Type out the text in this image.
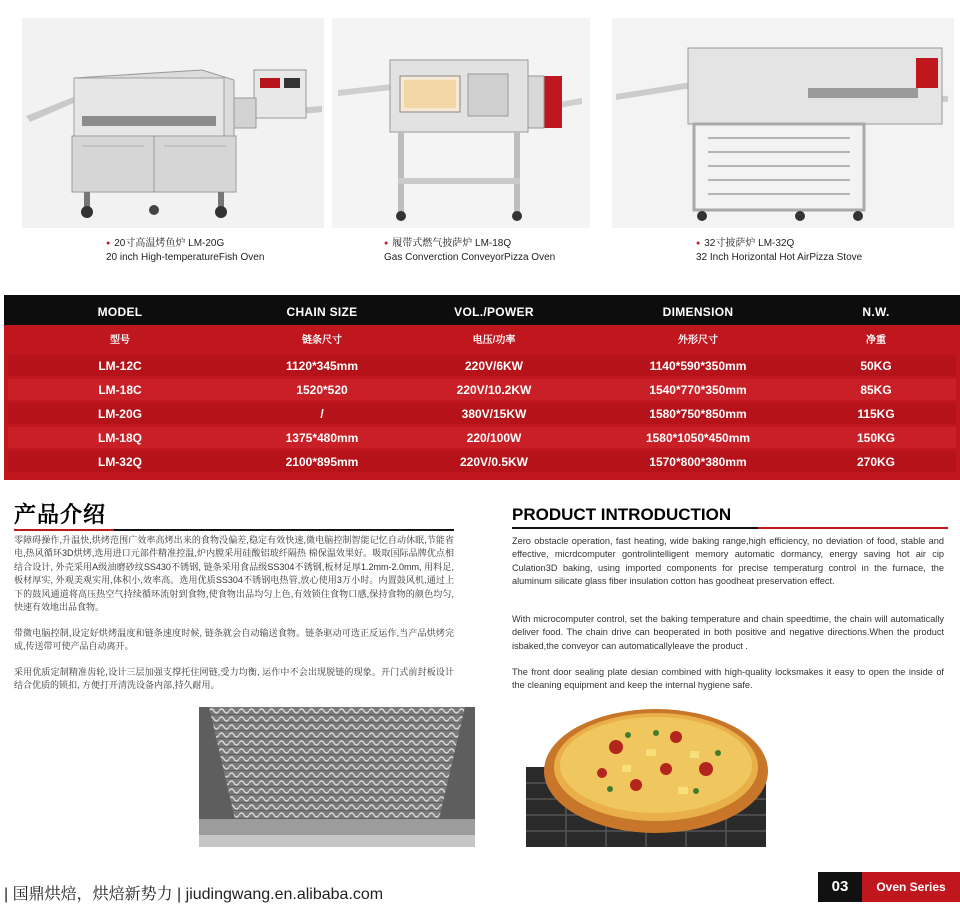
● 20寸高温烤鱼炉 LM-20G
20 inch High-temperatureFish Oven
● 履带式燃气披萨炉 LM-18Q
Gas Converction ConveyorPizza Oven
● 32寸披萨炉 LM-32Q
32 Inch Horizontal Hot AirPizza Stove
MODEL	CHAIN SIZE	VOL./POWER	DIMENSION	N.W.
型号	链条尺寸	电压/功率	外形尺寸	净重
LM-12C	1120*345mm	220V/6KW	1140*590*350mm	50KG
LM-18C	1520*520	220V/10.2KW	1540*770*350mm	85KG
LM-20G	/	380V/15KW	1580*750*850mm	115KG
LM-18Q	1375*480mm	220/100W	1580*1050*450mm	150KG
LM-32Q	2100*895mm	220V/0.5KW	1570*800*380mm	270KG
产品介绍
零障碍操作,升温快,烘烤范围广效率高烤出来的食物没偏差,稳定有效快速,微电脑控制智能记忆自动休眠,节能省电,热风循环3D烘烤,选用进口元部件精准控温,炉内膛采用硅酸铝玻纤隔热 棉保温效果好。吸取国际品牌优点相结合设计, 外壳采用A级油磨砂纹SS430不锈钢, 链条采用食品级SS304不锈钢,板材足厚1.2mm-2.0mm, 用料足, 板材厚实, 外观美观实用,体积小,效率高。选用优质SS304不锈钢电热管,放心使用3万小时。内置鼓风机,通过上下的鼓风通道将高压热空气持续循环流射到食物,使食物出品均匀上色,有效锁住食物口感,保持食物的颜色均匀,快速有效地出品食物。
带微电脑控制,设定好烘烤温度和链条速度时候, 链条就会自动输送食物。链条驱动可选正反运作,当产品烘烤完成,传送带可使产品自动离开。
采用优质定制精准齿轮,设计三层加强支撑托住网链,受力均衡, 运作中不会出现脱链的现象。开门式前封板设计结合优质的锁扣, 方便打开清洗设备内部,持久耐用。
PRODUCT INTRODUCTION
Zero obstacle operation, fast heating, wide baking range,high efficiency, no deviation of food, stable and effective, micrdcomputer gontrolintelligent memory automatic dormancy, energy saving hot air cip Culation3D baking, using imported components for precise temperaturg control in the furnace, the aluminum silicate glass fiber insulation cotton has goodheat preservation effect.
With microcomputer control, set the baking temperature and chain speedtime, the chain will automatically deliver food. The chain drive can beoperated in both positive and negative directions.When the product isbaked,the conveyor can automaticallyleave the product .
The front door sealing plate desian combined with high-quality locksmakes it easy to open the inside of the cleaning equipment and keep the internal hygiene safe.
| 国鼎烘焙，烘焙新势力 | jiudingwang.en.alibaba.com	03	Oven Series
